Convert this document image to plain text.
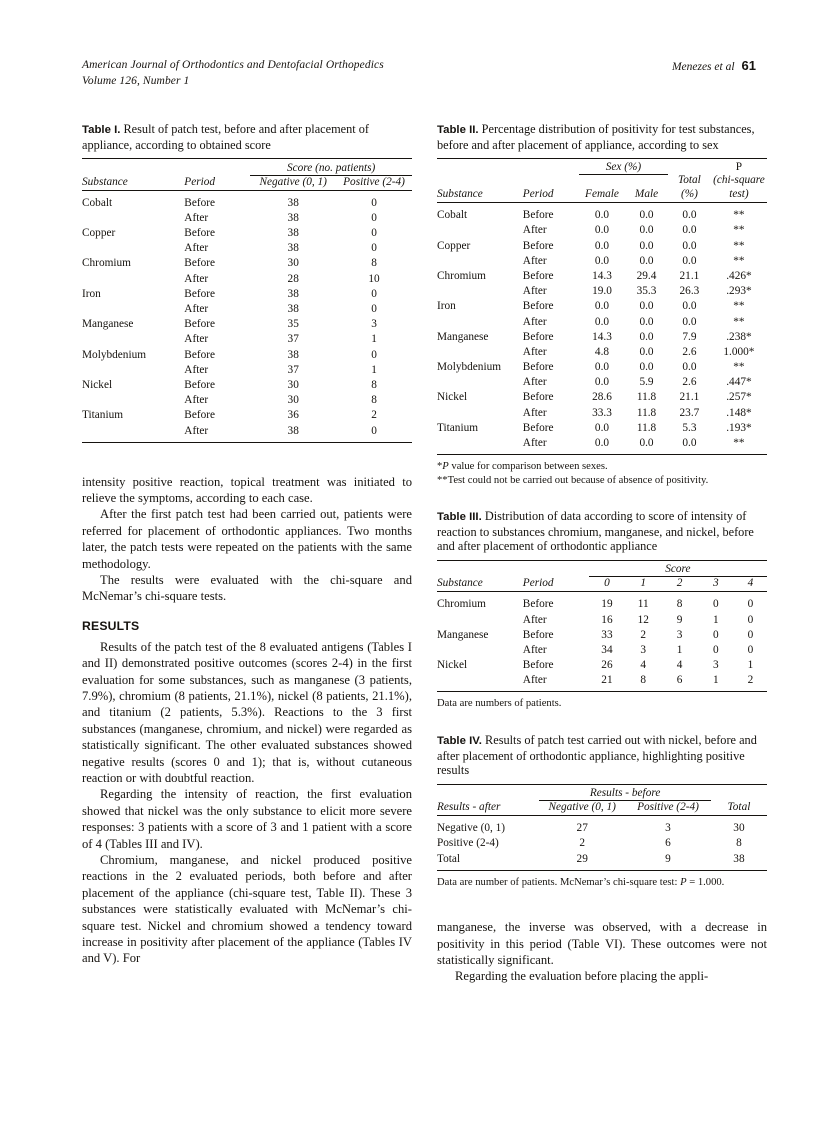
American Journal of Orthodontics and Dentofacial Orthopedics
Volume 126, Number 1
Menezes et al 61

Table I. Result of patch test, before and after placement of appliance, according to obtained score

		Score (no. patients)	
Substance	Period	Negative (0, 1)	Positive (2-4)

Cobalt	Before	38	0
	After	38	0
Copper	Before	38	0
	After	38	0
Chromium	Before	30	8
	After	28	10
Iron	Before	38	0
	After	38	0
Manganese	Before	35	3
	After	37	1
Molybdenium	Before	38	0
	After	37	1
Nickel	Before	30	8
	After	30	8
Titanium	Before	36	2
	After	38	0

intensity positive reaction, topical treatment was initiated to relieve the symptoms, according to each case.

After the first patch test had been carried out, patients were referred for placement of orthodontic appliances. Two months later, the patch tests were repeated on the patients with the same methodology.

The results were evaluated with the chi-square and McNemar’s chi-square tests.

RESULTS

Results of the patch test of the 8 evaluated antigens (Tables I and II) demonstrated positive outcomes (scores 2-4) in the first evaluation for some substances, such as manganese (3 patients, 7.9%), chromium (8 patients, 21.1%), nickel (8 patients, 21.1%), and titanium (2 patients, 5.3%). Reactions to the 3 first substances (manganese, chromium, and nickel) were regarded as statistically significant. The other evaluated substances showed negative results (scores 0 and 1); that is, without cutaneous reaction or with doubtful reaction.

Regarding the intensity of reaction, the first evaluation showed that nickel was the only substance to elicit more severe responses: 3 patients with a score of 3 and 1 patient with a score of 4 (Tables III and IV).

Chromium, manganese, and nickel produced positive reactions in the 2 evaluated periods, both before and after placement of the appliance (chi-square test, Table II). These 3 substances were statistically evaluated with McNemar’s chi-square test. Nickel and chromium showed a tendency toward increase in positivity after placement of the appliance (Tables IV and V). For

Table II. Percentage distribution of positivity for test substances, before and after placement of appliance, according to sex

		Sex (%)			P
				Total	(chi-square
Substance	Period	Female	Male	(%)	test)

Cobalt	Before	0.0	0.0	0.0	**
	After	0.0	0.0	0.0	**
Copper	Before	0.0	0.0	0.0	**
	After	0.0	0.0	0.0	**
Chromium	Before	14.3	29.4	21.1	.426*
	After	19.0	35.3	26.3	.293*
Iron	Before	0.0	0.0	0.0	**
	After	0.0	0.0	0.0	**
Manganese	Before	14.3	0.0	7.9	.238*
	After	4.8	0.0	2.6	1.000*
Molybdenium	Before	0.0	0.0	0.0	**
	After	0.0	5.9	2.6	.447*
Nickel	Before	28.6	11.8	21.1	.257*
	After	33.3	11.8	23.7	.148*
Titanium	Before	0.0	11.8	5.3	.193*
	After	0.0	0.0	0.0	**

*P value for comparison between sexes.
**Test could not be carried out because of absence of positivity.

Table III. Distribution of data according to score of intensity of reaction to substances chromium, manganese, and nickel, before and after placement of orthodontic appliance

		Score				
Substance	Period	0	1	2	3	4

Chromium	Before	19	11	8	0	0
	After	16	12	9	1	0
Manganese	Before	33	2	3	0	0
	After	34	3	1	0	0
Nickel	Before	26	4	4	3	1
	After	21	8	6	1	2

Data are numbers of patients.

Table IV. Results of patch test carried out with nickel, before and after placement of orthodontic appliance, highlighting positive results

	Results - before		
Results - after	Negative (0, 1)	Positive (2-4)	Total

Negative (0, 1)	27	3	30
Positive (2-4)	2	6	8
Total	29	9	38

Data are number of patients. McNemar’s chi-square test: P = 1.000.

manganese, the inverse was observed, with a decrease in positivity in this period (Table VI). These outcomes were not statistically significant.

Regarding the evaluation before placing the appli-
